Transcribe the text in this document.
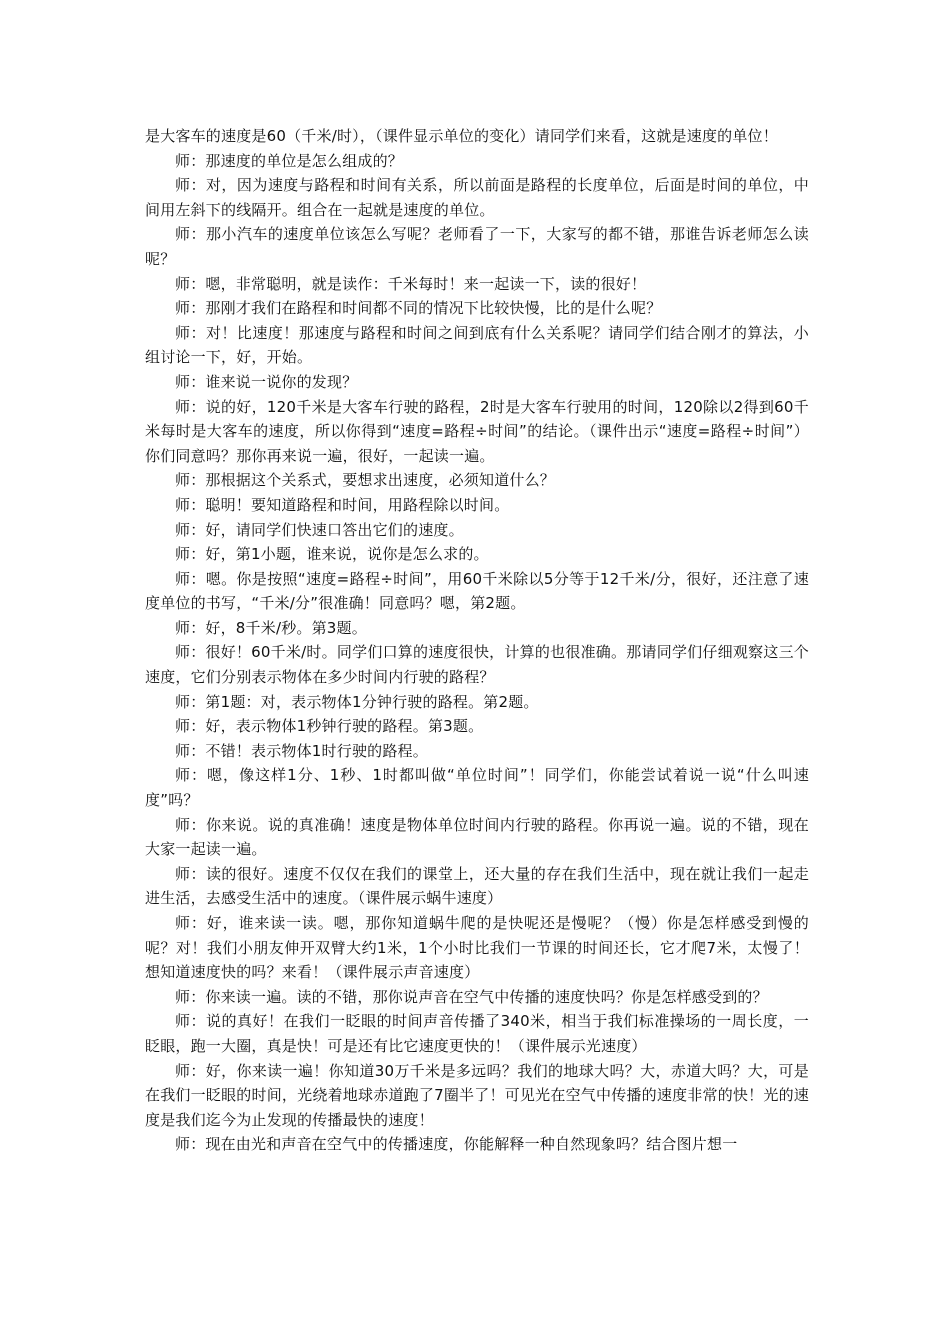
是大客车的速度是60（千米/时），（课件显示单位的变化）请同学们来看，这就是速度的单位！

师：那速度的单位是怎么组成的？

师：对，因为速度与路程和时间有关系，所以前面是路程的长度单位，后面是时间的单位，中间用左斜下的线隔开。组合在一起就是速度的单位。

师：那小汽车的速度单位该怎么写呢？老师看了一下，大家写的都不错，那谁告诉老师怎么读呢？

师：嗯，非常聪明，就是读作：千米每时！来一起读一下，读的很好！

师：那刚才我们在路程和时间都不同的情况下比较快慢，比的是什么呢？

师：对！比速度！那速度与路程和时间之间到底有什么关系呢？请同学们结合刚才的算法，小组讨论一下，好，开始。

师：谁来说一说你的发现？

师：说的好，120千米是大客车行驶的路程，2时是大客车行驶用的时间，120除以2得到60千米每时是大客车的速度，所以你得到“速度=路程÷时间”的结论。（课件出示“速度=路程÷时间”）你们同意吗？那你再来说一遍，很好，一起读一遍。

师：那根据这个关系式，要想求出速度，必须知道什么？

师：聪明！要知道路程和时间，用路程除以时间。

师：好，请同学们快速口答出它们的速度。

师：好，第1小题，谁来说，说你是怎么求的。

师：嗯。你是按照“速度=路程÷时间”，用60千米除以5分等于12千米/分，很好，还注意了速度单位的书写，“千米/分”很准确！同意吗？嗯，第2题。

师：好，8千米/秒。第3题。

师：很好！60千米/时。同学们口算的速度很快，计算的也很准确。那请同学们仔细观察这三个速度，它们分别表示物体在多少时间内行驶的路程？

师：第1题：对，表示物体1分钟行驶的路程。第2题。

师：好，表示物体1秒钟行驶的路程。第3题。

师：不错！表示物体1时行驶的路程。

师：嗯，像这样1分、1秒、1时都叫做“单位时间”！同学们，你能尝试着说一说“什么叫速度”吗？

师：你来说。说的真准确！速度是物体单位时间内行驶的路程。你再说一遍。说的不错，现在大家一起读一遍。

师：读的很好。速度不仅仅在我们的课堂上，还大量的存在我们生活中，现在就让我们一起走进生活，去感受生活中的速度。（课件展示蜗牛速度）

师：好，谁来读一读。嗯，那你知道蜗牛爬的是快呢还是慢呢？（慢）你是怎样感受到慢的呢？对！我们小朋友伸开双臂大约1米，1个小时比我们一节课的时间还长，它才爬7米，太慢了！想知道速度快的吗？来看！（课件展示声音速度）

师：你来读一遍。读的不错，那你说声音在空气中传播的速度快吗？你是怎样感受到的？

师：说的真好！在我们一眨眼的时间声音传播了340米，相当于我们标准操场的一周长度，一眨眼，跑一大圈，真是快！可是还有比它速度更快的！（课件展示光速度）

师：好，你来读一遍！你知道30万千米是多远吗？我们的地球大吗？大，赤道大吗？大，可是在我们一眨眼的时间，光绕着地球赤道跑了7圈半了！可见光在空气中传播的速度非常的快！光的速度是我们迄今为止发现的传播最快的速度！

师：现在由光和声音在空气中的传播速度，你能解释一种自然现象吗？结合图片想一
